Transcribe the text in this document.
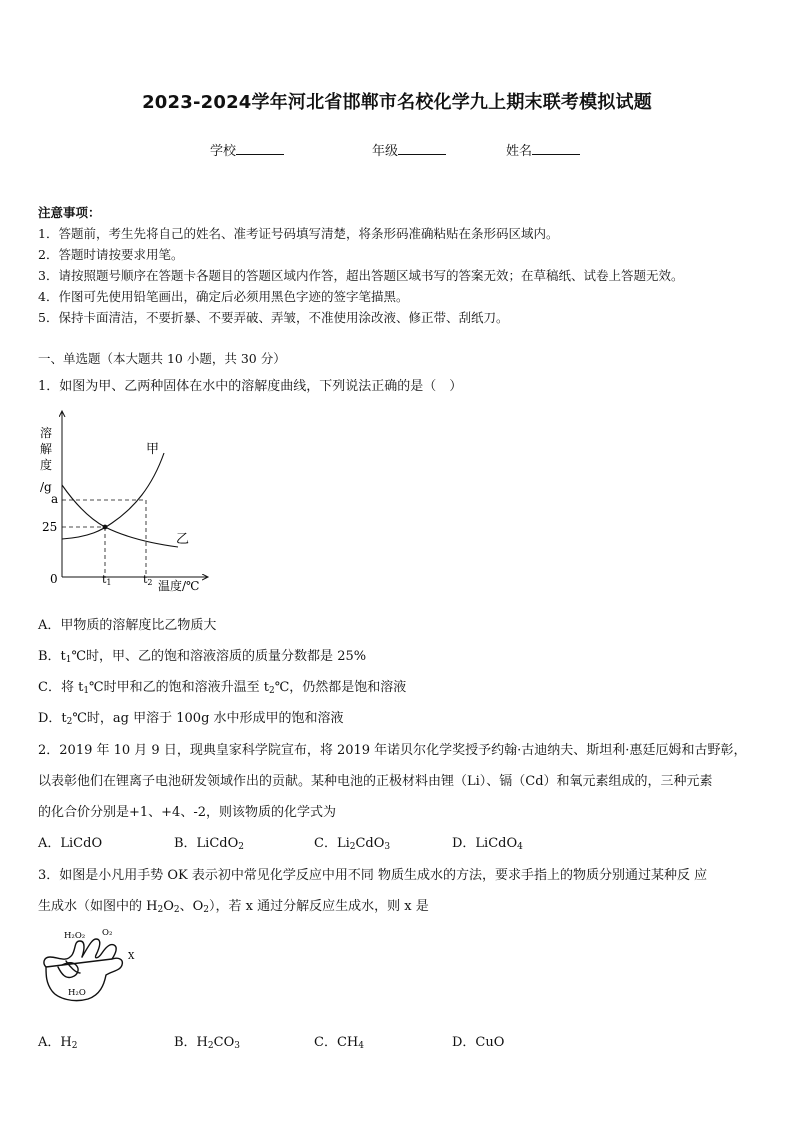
2023-2024学年河北省邯郸市名校化学九上期末联考模拟试题
学校	年级	姓名
注意事项：
1．答题前，考生先将自己的姓名、准考证号码填写清楚，将条形码准确粘贴在条形码区域内。
2．答题时请按要求用笔。
3．请按照题号顺序在答题卡各题目的答题区域内作答，超出答题区域书写的答案无效；在草稿纸、试卷上答题无效。
4．作图可先使用铅笔画出，确定后必须用黑色字迹的签字笔描黑。
5．保持卡面清洁，不要折暴、不要弄破、弄皱，不准使用涂改液、修正带、刮纸刀。
一、单选题（本大题共 10 小题，共 30 分）
1．如图为甲、乙两种固体在水中的溶解度曲线，下列说法正确的是（　）
溶
解
度
/g
a
25
0	t1	t2 温度/℃
甲
乙
A．甲物质的溶解度比乙物质大
B．$t_1℃$时，甲、乙的饱和溶液溶质的质量分数都是 25%
C．将 $t_1℃$时甲和乙的饱和溶液升温至 $t_2℃$，仍然都是饱和溶液
D．$t_2℃$时，ag 甲溶于 100g 水中形成甲的饱和溶液
2．2019 年 10 月 9 日，现典皇家科学院宣布，将 2019 年诺贝尔化学奖授予约翰·古迪纳夫、斯坦利·惠廷厄姆和古野彰，
以表彰他们在锂离子电池研发领域作出的贡献。某种电池的正极材料由锂（Li）、镉（Cd）和氧元素组成的，三种元素
的化合价分别是+1、+4、-2，则该物质的化学式为
A．LiCdO	B．LiCdO$_2$	C．$Li_2CdO_3$	D．LiCdO$_4$
3．如图是小凡用手势 OK 表示初中常见化学反应中用不同 物质生成水的方法，要求手指上的物质分别通过某种反 应
生成水（如图中的 $H_2O_2$、$O_2$），若 x 通过分解反应生成水，则 x 是
H₂O₂ O₂
X
H₂O
A．$H_2$	B．$H_2CO_3$	C．$CH_4$	D．CuO
